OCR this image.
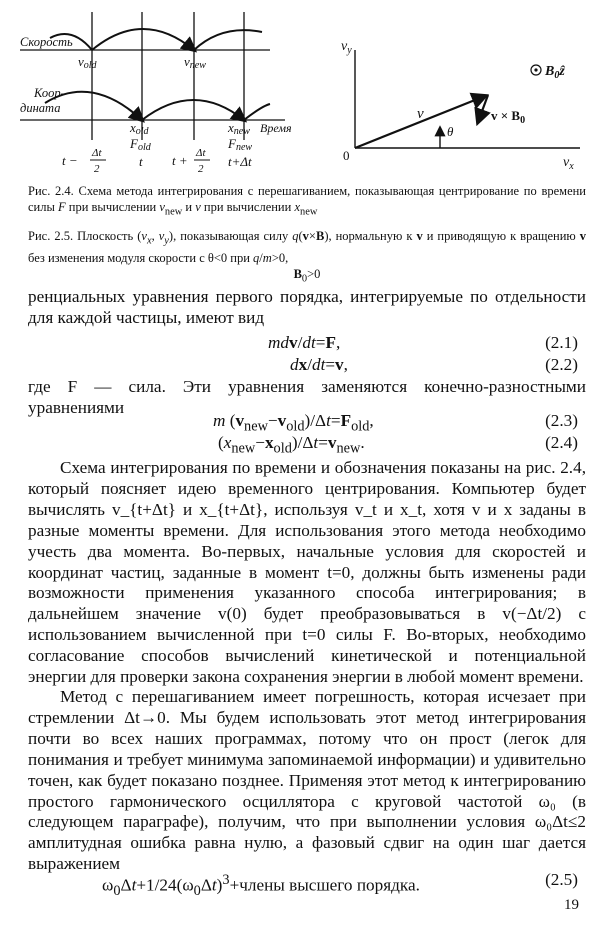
Скорость
Коор-
дината
vold	vnew
xold	xnew Время
Fold	Fnew
t − Δt
2	t t + Δt
2 t+Δt
$v_y$
$v_x$
0
v
θ
$v \times B_0$
$B_0ẑ$
Рис. 2.4. Схема метода интегрирования с перешагиванием, показывающая центрирование по времени силы F при вычислении $v_{new}$ и v при вычислении $x_{new}$
Рис. 2.5. Плоскость ($v_x$, $v_y$), показывающая силу q(v×B), нормальную к v и приводящую к вращению v без изменения модуля скорости с θ<0 при q/m>0,
$B_0>0$
ренциальных уравнения первого порядка, интегрируемые по отдельности для каждой частицы, имеют вид
mdv/dt=F,	(2.1)
dx/dt=v,	(2.2)
где F — сила. Эти уравнения заменяются конечно-разностными уравнениями
m $(v_{new}-v_{old})/\Delta t=F_{old}$,	(2.3)
$(x_{new}-x_{old})/\Delta t=v_{new}$.	(2.4)
Схема интегрирования по времени и обозначения показаны на рис. 2.4, который поясняет идею временного центрирования. Компьютер будет вычислять v_{t+Δt} и x_{t+Δt}, используя v_t и x_t, хотя v и x заданы в разные моменты времени. Для использования этого метода необходимо учесть два момента. Во-первых, начальные условия для скоростей и координат частиц, заданные в момент t=0, должны быть изменены ради возможности применения указанного способа интегрирования; в дальнейшем значение v(0) будет преобразовываться в v(−Δt/2) с использованием вычисленной при t=0 силы F. Во-вторых, необходимо согласование способов вычислений кинетической и потенциальной энергии для проверки закона сохранения энергии в любой момент времени.
Метод с перешагиванием имеет погрешность, которая исчезает при стремлении Δt→0. Мы будем использовать этот метод интегрирования почти во всех наших программах, потому что он прост (легок для понимания и требует минимума запоминаемой информации) и удивительно точен, как будет показано позднее. Применяя этот метод к интегрированию простого гармонического осциллятора с круговой частотой ω₀ (в следующем параграфе), получим, что при выполнении условия ω₀Δt≤2 амплитудная ошибка равна нулю, а фазовый сдвиг на один шаг дается выражением
$\omega_0\Delta t+1/24(\omega_0\Delta t)^3+члены$ высшего порядка.	(2.5)
19
